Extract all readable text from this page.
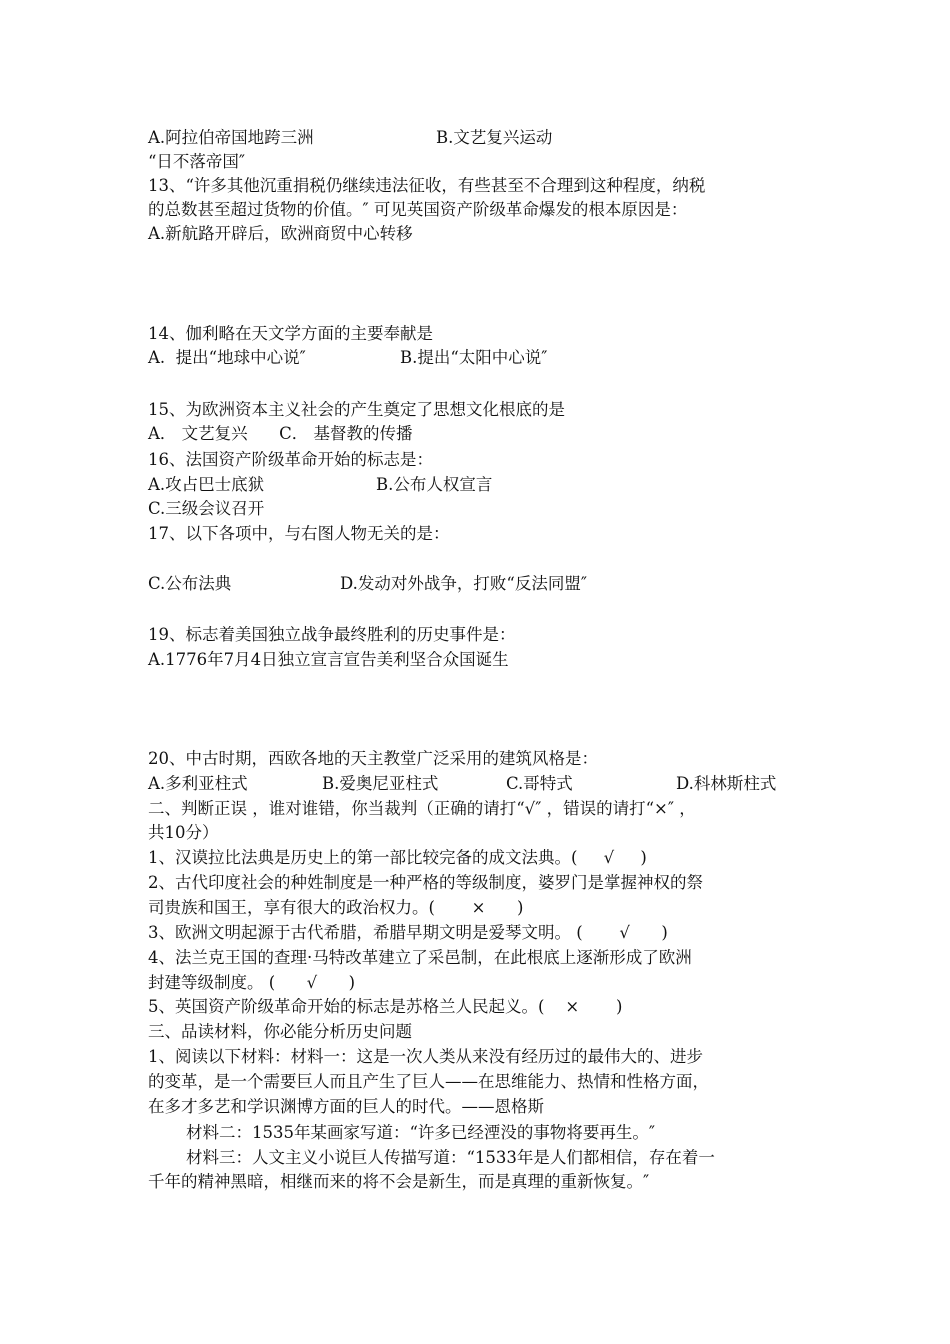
A.阿拉伯帝国地跨三洲	B.文艺复兴运动
“日不落帝国″
13、“许多其他沉重捐税仍继续违法征收，有些甚至不合理到这种程度，纳税
的总数甚至超过货物的价值。″ 可见英国资产阶级革命爆发的根本原因是：
A.新航路开辟后，欧洲商贸中心转移
14、伽利略在天文学方面的主要奉献是
A.  提出“地球中心说″	B.提出“太阳中心说″
15、为欧洲资本主义社会的产生奠定了思想文化根底的是
A． 文艺复兴      C． 基督教的传播
16、法国资产阶级革命开始的标志是：
A.攻占巴士底狱	B.公布人权宣言
C.三级会议召开
17、以下各项中，与右图人物无关的是：
C.公布法典	D.发动对外战争，打败“反法同盟″
19、标志着美国独立战争最终胜利的历史事件是：
A.1776年7月4日独立宣言宣告美利坚合众国诞生
20、中古时期，西欧各地的天主教堂广泛采用的建筑风格是：
A.多利亚柱式	B.爱奥尼亚柱式	C.哥特式	D.科林斯柱式
二、判断正误 ，谁对谁错，你当裁判（正确的请打“√″ ，错误的请打“×″ ，
共10分）
1、汉谟拉比法典是历史上的第一部比较完备的成文法典。(     √     )
2、古代印度社会的种姓制度是一种严格的等级制度，婆罗门是掌握神权的祭
司贵族和国王，享有很大的政治权力。(       ×      )
3、欧洲文明起源于古代希腊，希腊早期文明是爱琴文明。 (       √      )
4、法兰克王国的查理·马特改革建立了采邑制，在此根底上逐渐形成了欧洲
封建等级制度。 (      √      )
5、英国资产阶级革命开始的标志是苏格兰人民起义。(    ×       )
三、品读材料，你必能分析历史问题
1、阅读以下材料：材料一：这是一次人类从来没有经历过的最伟大的、进步
的变革，是一个需要巨人而且产生了巨人——在思维能力、热情和性格方面，
在多才多艺和学识渊博方面的巨人的时代。——恩格斯
材料二：1535年某画家写道：“许多已经湮没的事物将要再生。″
材料三：人文主义小说巨人传描写道：“1533年是人们都相信，存在着一
千年的精神黑暗，相继而来的将不会是新生，而是真理的重新恢复。″
